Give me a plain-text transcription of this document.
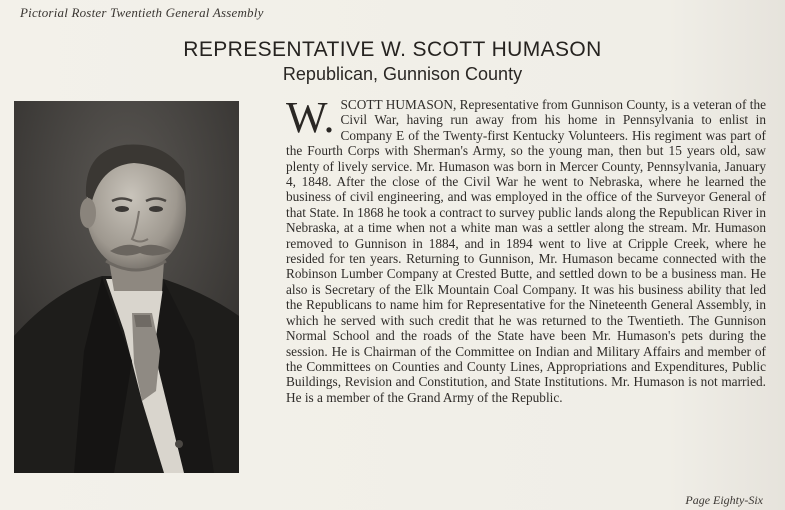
Pictorial Roster Twentieth General Assembly
REPRESENTATIVE W. SCOTT HUMASON
Republican, Gunnison County
W. SCOTT HUMASON, Representative from Gunnison County, is a veteran of the Civil War, having run away from his home in Pennsylvania to enlist in Company E of the Twenty-first Kentucky Volunteers. His regiment was part of the Fourth Corps with Sherman's Army, so the young man, then but 15 years old, saw plenty of lively service. Mr. Humason was born in Mercer County, Pennsylvania, January 4, 1848. After the close of the Civil War he went to Nebraska, where he learned the business of civil engineering, and was employed in the office of the Surveyor General of that State. In 1868 he took a contract to survey public lands along the Republican River in Nebraska, at a time when not a white man was a settler along the stream. Mr. Humason removed to Gunnison in 1884, and in 1894 went to live at Cripple Creek, where he resided for ten years. Returning to Gunnison, Mr. Humason became connected with the Robinson Lumber Company at Crested Butte, and settled down to be a business man. He also is Secretary of the Elk Mountain Coal Company. It was his business ability that led the Republicans to name him for Representative for the Nineteenth General Assembly, in which he served with such credit that he was returned to the Twentieth. The Gunnison Normal School and the roads of the State have been Mr. Humason's pets during the session. He is Chairman of the Committee on Indian and Military Affairs and member of the Committees on Counties and County Lines, Appropriations and Expenditures, Public Buildings, Revision and Constitution, and State Institutions. Mr. Humason is not married. He is a member of the Grand Army of the Republic.
Page Eighty-Six
